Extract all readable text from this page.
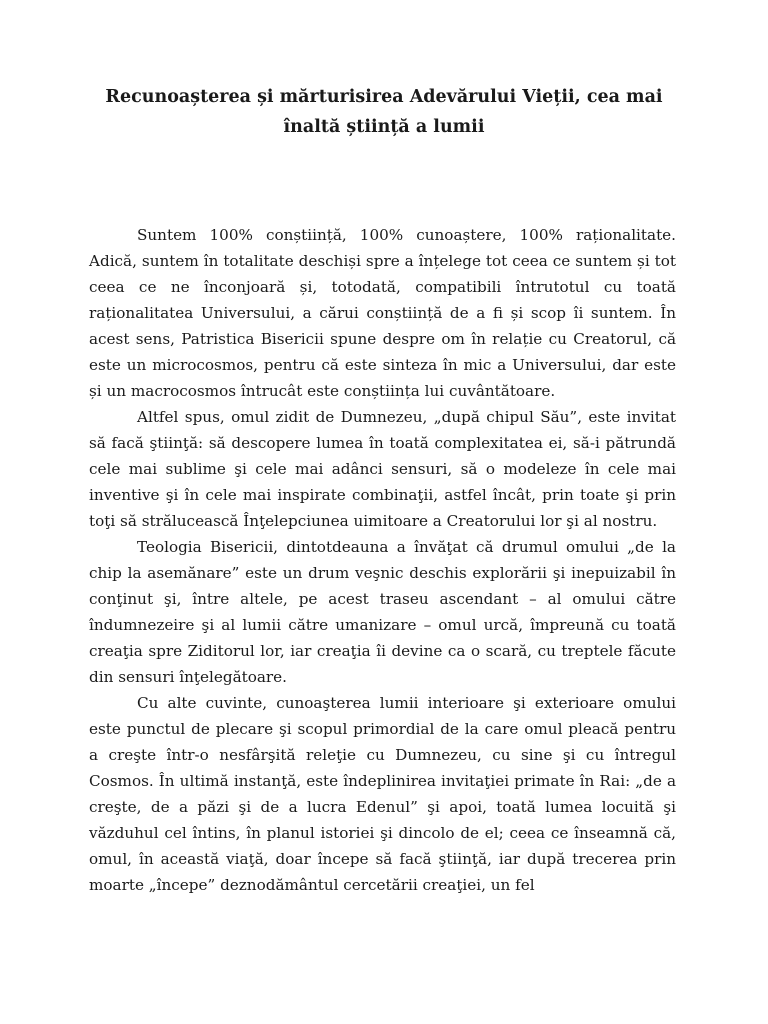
Recunoașterea și mărturisirea Adevărului Vieții, cea mai
înaltă știință a lumii

Suntem 100% conștiință, 100% cunoaștere, 100% raționalitate. Adică, suntem în totalitate deschiși spre a înțelege tot ceea ce suntem și tot ceea ce ne înconjoară și, totodată, compatibili întrutotul cu toată raționalitatea Universului, a cărui conștiință de a fi și scop îi suntem. În acest sens, Patristica Bisericii spune despre om în relație cu Creatorul, că este un microcosmos, pentru că este sinteza în mic a Universului, dar este și un macrocosmos întrucât este conștiința lui cuvântătoare.

Altfel spus, omul zidit de Dumnezeu, „după chipul Său”, este invitat să facă ştiinţă: să descopere lumea în toată complexitatea ei, să-i pătrundă cele mai sublime şi cele mai adânci sensuri, să o modeleze în cele mai inventive şi în cele mai inspirate combinaţii, astfel încât, prin toate şi prin toţi să strălucească Înţelepciunea uimitoare a Creatorului lor şi al nostru.

Teologia Bisericii, dintotdeauna a învăţat că drumul omului „de la chip la asemănare” este un drum veşnic deschis explorării şi inepuizabil în conţinut şi, între altele, pe acest traseu ascendant – al omului către îndumnezeire şi al lumii către umanizare – omul urcă, împreună cu toată creaţia spre Ziditorul lor, iar creaţia îi devine ca o scară, cu treptele făcute din sensuri înţelegătoare.

Cu alte cuvinte, cunoaşterea lumii interioare şi exterioare omului este punctul de plecare şi scopul primordial de la care omul pleacă pentru a creşte într-o nesfârşită releţie cu Dumnezeu, cu sine şi cu întregul Cosmos. În ultimă instanţă, este îndeplinirea invitaţiei primate în Rai: „de a creşte, de a păzi şi de a lucra Edenul” şi apoi, toată lumea locuită şi văzduhul cel întins, în planul istoriei şi dincolo de el; ceea ce înseamnă că, omul, în această viaţă, doar începe să facă ştiinţă, iar după trecerea prin moarte „începe” deznodământul cercetării creaţiei, un fel
